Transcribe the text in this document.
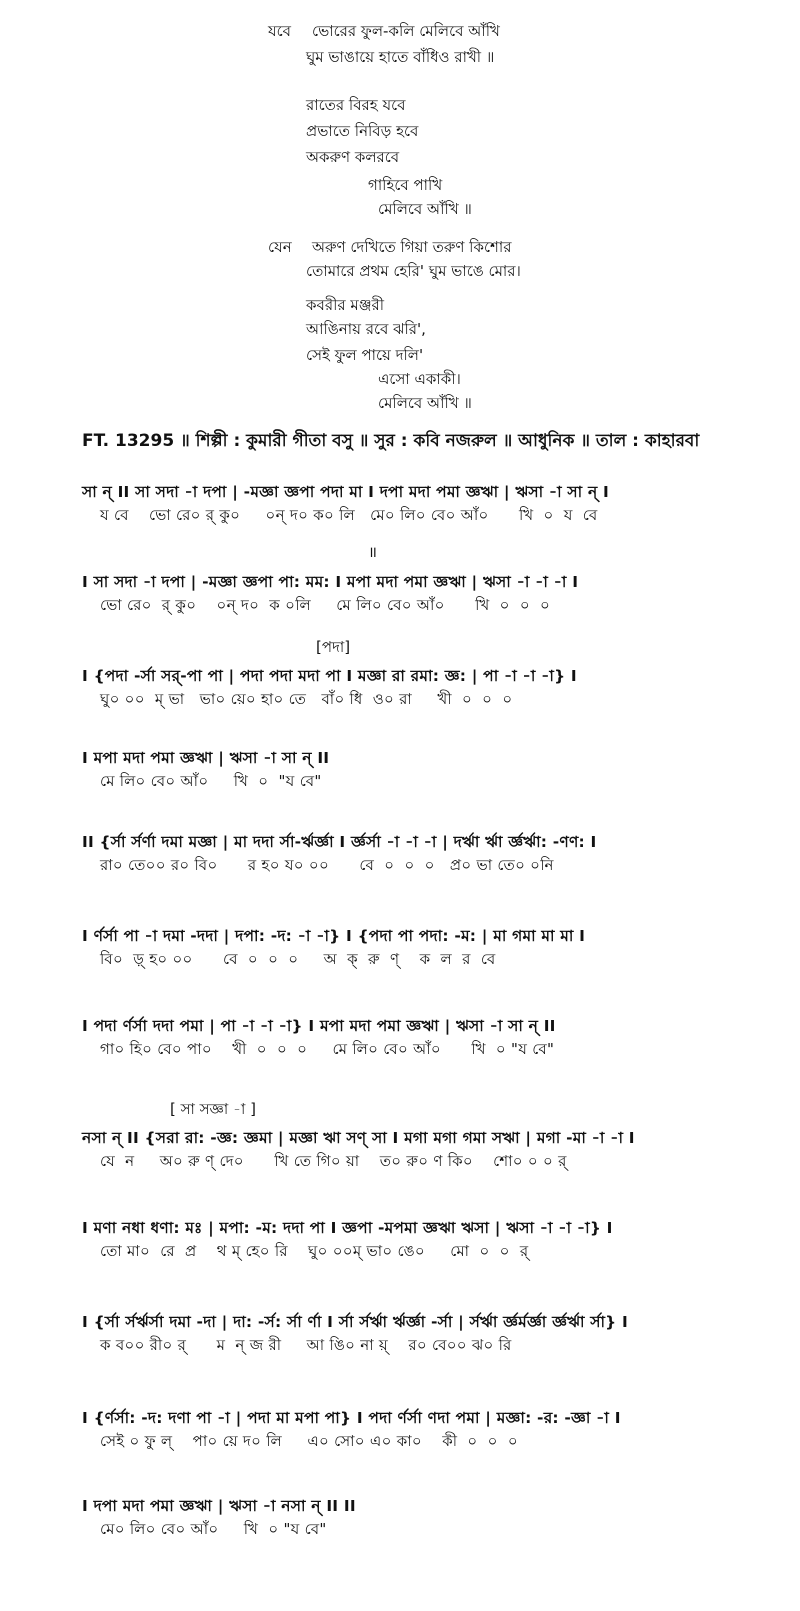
যবে ভোরের ফুল-কলি মেলিবে আঁখি
ঘুম ভাঙায়ে হাতে বাঁধিও রাখী ॥
রাতের বিরহ যবে
প্রভাতে নিবিড় হবে
অকরুণ কলরবে
গাহিবে পাখি
মেলিবে আঁখি ॥
যেন অরুণ দেখিতে গিয়া তরুণ কিশোর
তোমারে প্রথম হেরি' ঘুম ভাঙে মোর।
কবরীর মঞ্জরী
আঙিনায় রবে ঝরি',
সেই ফুল পায়ে দলি'
এসো একাকী।
মেলিবে আঁখি ॥
FT. 13295 ॥ শিল্পী : কুমারী গীতা বসু ॥ সুর : কবি নজরুল ॥ আধুনিক ॥ তাল : কাহারবা
সা ন্ II সা সদা -া দপা | -মজ্ঞা জ্ঞপা পদা মা I দপা মদা পমা জ্ঞঋা | ঋসা -া সা ন্ I
য বে    ভো রে০ র্ কু০     ০ন্ দ০ ক০ লি   মে০ লি০ বে০ আঁ০      খি  ০  য  বে
॥
I সা সদা -া দপা | -মজ্ঞা জ্ঞপা পা: মম: I মপা মদা পমা জ্ঞঋা | ঋসা -া -া -া I
ভো রে০  র্ কু০    ০ন্ দ০  ক ০লি     মে লি০ বে০ আঁ০      খি  ০  ০  ০
[পদা]
I {পদা -র্সা সর্-পা পা | পদা পদা মদা পা I মজ্ঞা রা রমা: জ্ঞ: | পা -া -া -া} I
ঘু০ ০০  ম্ ভা   ভা০ য়ে০ হা০ তে   বাঁ০ ধি  ও০ রা     খী  ০  ০  ০
I মপা মদা পমা জ্ঞঋা | ঋসা -া সা ন্ II
মে লি০ বে০ আঁ০     খি  ০  "য বে"
II {র্সা র্সর্ণা দমা মজ্ঞা | মা দদা র্সা-র্ঋর্জ্ঞা I র্জ্ঞর্সা -া -া -া | দর্ঋা র্ঋা র্জ্ঞর্ঋা: -ণণ: I
রা০ তে০০ র০ বি০      র হ০ য০ ০০      বে  ০  ০  ০   প্র০ ভা তে০ ০নি
I র্ণর্সা পা -া দমা -দদা | দপা: -দ: -া -া} I {পদা পা পদা: -ম: | মা গমা মা মা I
বি০  ড়্ হ০ ০০      বে  ০  ০  ০     অ  ক্  রু  ণ্    ক  ল  র  বে
I পদা র্ণর্সা দদা পমা | পা -া -া -া} I মপা মদা পমা জ্ঞঋা | ঋসা -া সা ন্ II
গা০ হি০ বে০ পা০    খী  ০  ০  ০     মে লি০ বে০ আঁ০      খি  ০ "য বে"
[ সা সজ্ঞা -া ]
নসা ন্ II {সরা রা: -জ্ঞ: জ্ঞমা | মজ্ঞা ঋা সণ্ সা I মগা মগা গমা সঋা | মগা -মা -া -া I
যে  ন     অ০ রু ণ্ দে০      খি তে গি০ য়া    ত০ রু০ ণ কি০    শো০ ০ ০ র্
I মণা নধা ধণা: মঃ | মপা: -ম: দদা পা I জ্ঞপা -মপমা জ্ঞঋা ঋসা | ঋসা -া -া -া} I
তো মা০  রে  প্র    থ ম্ হে০ রি    ঘু০ ০০ম্ ভা০ ঙে০     মো  ০  ০  র্
I {র্সা র্সর্ঋর্সা দমা -দা | দা: -র্স: র্সা র্ণা I র্সা র্সর্ঋা র্ঋর্জ্ঞা -র্সা | র্সর্ঋা র্জ্ঞর্মর্জ্ঞা র্জ্ঞর্ঋা র্সা} I
ক ব০০ রী০ র্      ম  ন্ জ রী     আ ঙি০ না য়্    র০ বে০০ ঝ০ রি
I {র্ণর্সা: -দ: দণা পা -া | পদা মা মপা পা} I পদা র্ণর্সা ণদা পমা | মজ্ঞা: -র: -জ্ঞা -া I
সেই ০ ফু ল্    পা০ য়ে দ০ লি     এ০ সো০ এ০ কা০    কী  ০  ০  ০
I দপা মদা পমা জ্ঞঋা | ঋসা -া নসা ন্ II II
মে০ লি০ বে০ আঁ০     খি  ০ "য বে"
